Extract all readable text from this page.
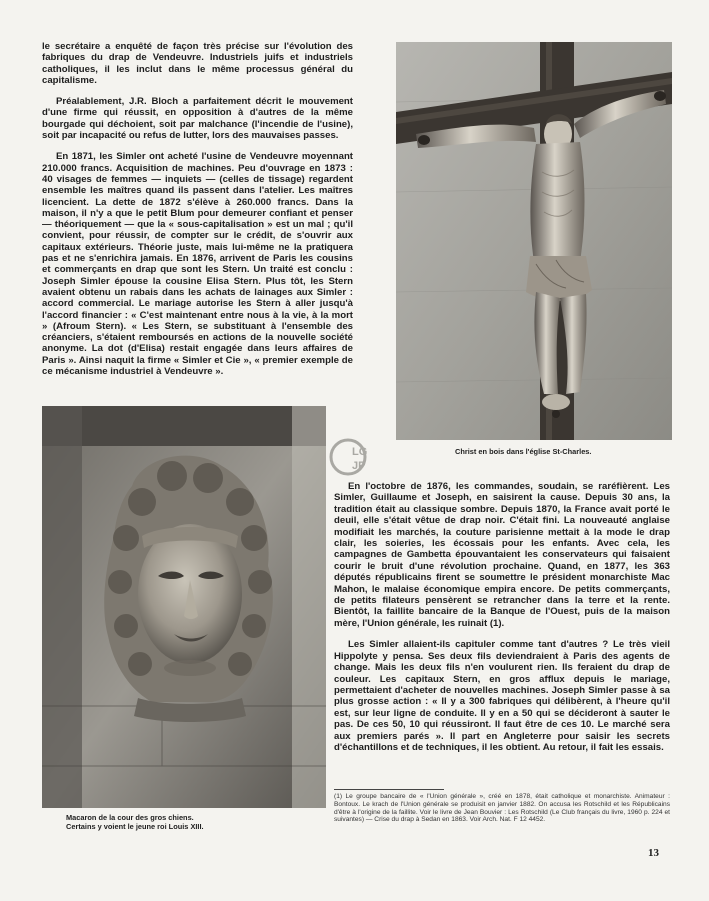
le secrétaire a enquêté de façon très précise sur l'évolution des fabriques du drap de Vendeuvre. Industriels juifs et industriels catholiques, il les inclut dans le même processus général du capitalisme.

Préalablement, J.R. Bloch a parfaitement décrit le mouvement d'une firme qui réussit, en opposition à d'autres de la même bourgade qui déchoient, soit par malchance (l'incendie de l'usine), soit par incapacité ou refus de lutter, lors des mauvaises passes.

En 1871, les Simler ont acheté l'usine de Vendeuvre moyennant 210.000 francs. Acquisition de machines. Peu d'ouvrage en 1873 : 40 visages de femmes — inquiets — (celles de tissage) regardent ensemble les maîtres quand ils passent dans l'atelier. Les maîtres licencient. La dette de 1872 s'élève à 260.000 francs. Dans la maison, il n'y a que le petit Blum pour demeurer confiant et penser — théoriquement — que la « sous-capitalisation » est un mal ; qu'il convient, pour réussir, de compter sur le crédit, de s'ouvrir aux capitaux extérieurs. Théorie juste, mais lui-même ne la pratiquera pas et ne s'enrichira jamais. En 1876, arrivent de Paris les cousins et commerçants en drap que sont les Stern. Un traité est conclu : Joseph Simler épouse la cousine Elisa Stern. Plus tôt, les Stern avaient obtenu un rabais dans les achats de lainages aux Simler : accord commercial. Le mariage autorise les Stern à aller jusqu'à l'accord financier : « C'est maintenant entre nous à la vie, à la mort » (Afroum Stern). « Les Stern, se substituant à l'ensemble des créanciers, s'étaient remboursés en actions de la nouvelle société anonyme. La dot (d'Elisa) restait engagée dans leurs affaires de Paris ». Ainsi naquit la firme « Simler et Cie », « premier exemple de ce mécanisme industriel à Vendeuvre ».

Christ en bois dans l'église St-Charles.
LG
JP
Macaron de la cour des gros chiens.
Certains y voient le jeune roi Louis XIII.

En l'octobre de 1876, les commandes, soudain, se raréfièrent. Les Simler, Guillaume et Joseph, en saisirent la cause. Depuis 30 ans, la tradition était au classique sombre. Depuis 1870, la France avait porté le deuil, elle s'était vêtue de drap noir. C'était fini. La nouveauté anglaise modifiait les marchés, la couture parisienne mettait à la mode le drap clair, les soieries, les écossais pour les enfants. Avec cela, les campagnes de Gambetta épouvantaient les conservateurs qui faisaient courir le bruit d'une révolution prochaine. Quand, en 1877, les 363 députés républicains firent se soumettre le président monarchiste Mac Mahon, le malaise économique empira encore. De petits commerçants, de petits filateurs pensèrent se retrancher dans la terre et la rente. Bientôt, la faillite bancaire de la Banque de l'Ouest, puis de la maison mère, l'Union générale, les ruinait (1).

Les Simler allaient-ils capituler comme tant d'autres ? Le très vieil Hippolyte y pensa. Ses deux fils deviendraient à Paris des agents de change. Mais les deux fils n'en voulurent rien. Ils feraient du drap de couleur. Les capitaux Stern, en gros afflux depuis le mariage, permettaient d'acheter de nouvelles machines. Joseph Simler passe à sa plus grosse action : « Il y a 300 fabriques qui délibèrent, à l'heure qu'il est, sur leur ligne de conduite. Il y en a 50 qui se décideront à sauter le pas. De ces 50, 10 qui réussiront. Il faut être de ces 10. Le marché sera aux premiers parés ». Il part en Angleterre pour saisir les secrets d'échantillons et de techniques, il les obtient. Au retour, il fait les essais.

(1) Le groupe bancaire de « l'Union générale », créé en 1878, était catholique et monarchiste. Animateur : Bontoux. Le krach de l'Union générale se produisit en janvier 1882. On accusa les Rotschild et les Républicains d'être à l'origine de la faillite. Voir le livre de Jean Bouvier : Les Rotschild (Le Club français du livre, 1960 p. 224 et suivantes) — Crise du drap à Sedan en 1863. Voir Arch. Nat. F 12 4452.
13
